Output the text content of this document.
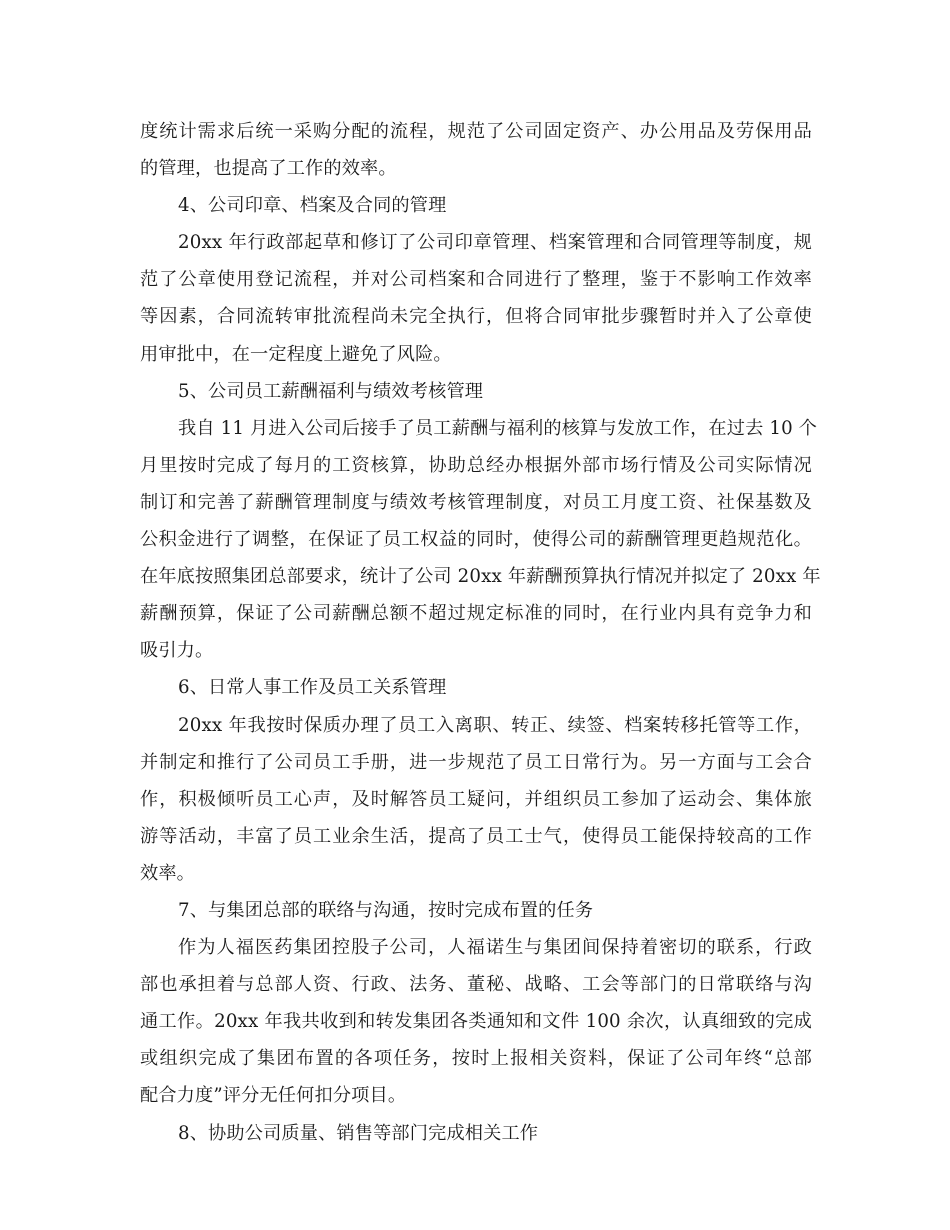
度统计需求后统一采购分配的流程，规范了公司固定资产、办公用品及劳保用品
的管理，也提高了工作的效率。
4、公司印章、档案及合同的管理
20xx 年行政部起草和修订了公司印章管理、档案管理和合同管理等制度，规
范了公章使用登记流程，并对公司档案和合同进行了整理，鉴于不影响工作效率
等因素，合同流转审批流程尚未完全执行，但将合同审批步骤暂时并入了公章使
用审批中，在一定程度上避免了风险。
5、公司员工薪酬福利与绩效考核管理
我自 11 月进入公司后接手了员工薪酬与福利的核算与发放工作，在过去 10 个
月里按时完成了每月的工资核算，协助总经办根据外部市场行情及公司实际情况
制订和完善了薪酬管理制度与绩效考核管理制度，对员工月度工资、社保基数及
公积金进行了调整，在保证了员工权益的同时，使得公司的薪酬管理更趋规范化。
在年底按照集团总部要求，统计了公司 20xx 年薪酬预算执行情况并拟定了 20xx 年
薪酬预算，保证了公司薪酬总额不超过规定标准的同时，在行业内具有竞争力和
吸引力。
6、日常人事工作及员工关系管理
20xx 年我按时保质办理了员工入离职、转正、续签、档案转移托管等工作，
并制定和推行了公司员工手册，进一步规范了员工日常行为。另一方面与工会合
作，积极倾听员工心声，及时解答员工疑问，并组织员工参加了运动会、集体旅
游等活动，丰富了员工业余生活，提高了员工士气，使得员工能保持较高的工作
效率。
7、与集团总部的联络与沟通，按时完成布置的任务
作为人福医药集团控股子公司，人福诺生与集团间保持着密切的联系，行政
部也承担着与总部人资、行政、法务、董秘、战略、工会等部门的日常联络与沟
通工作。20xx 年我共收到和转发集团各类通知和文件 100 余次，认真细致的完成
或组织完成了集团布置的各项任务，按时上报相关资料，保证了公司年终“总部
配合力度”评分无任何扣分项目。
8、协助公司质量、销售等部门完成相关工作
